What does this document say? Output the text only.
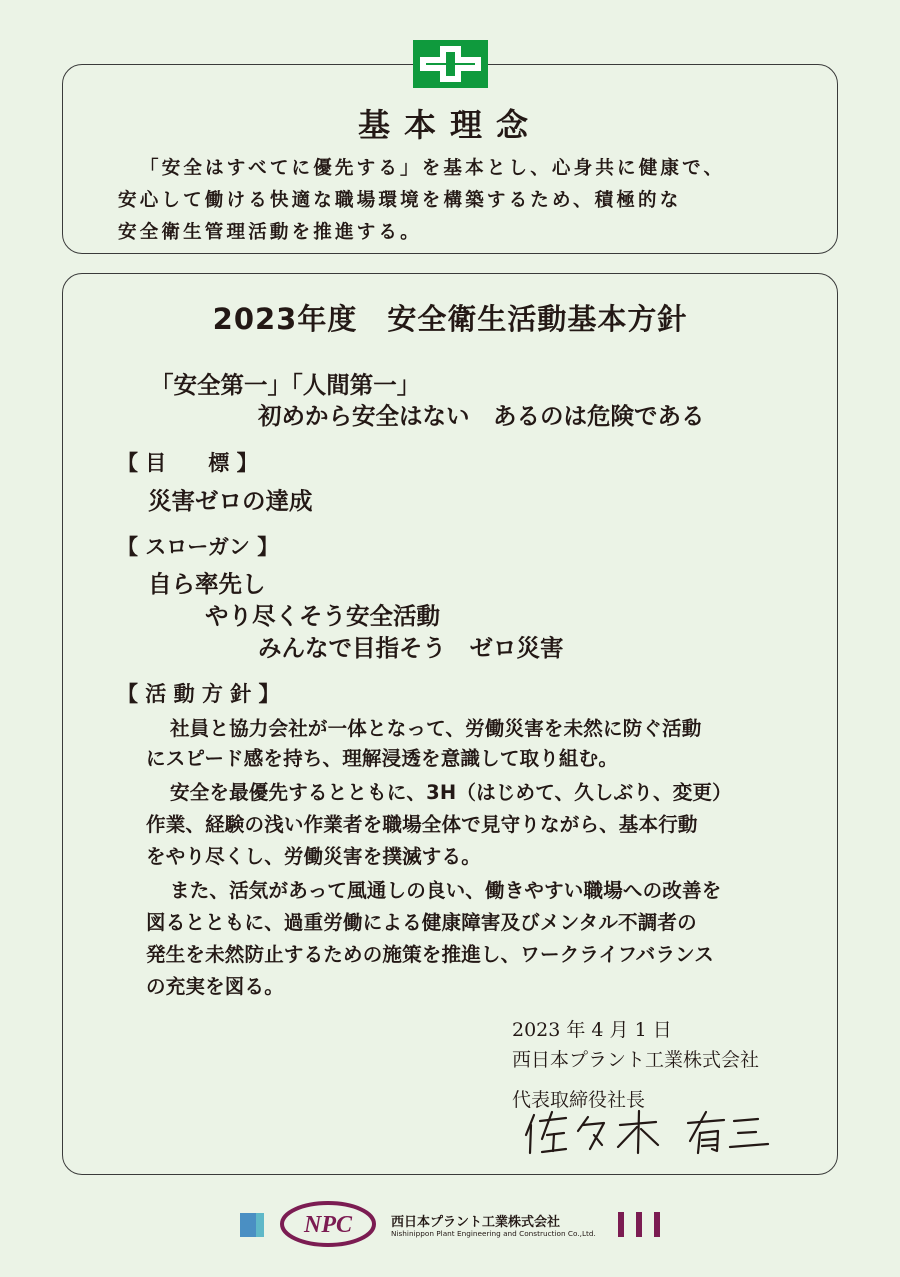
基本理念
「安全はすべてに優先する」を基本とし、心身共に健康で、
安心して働ける快適な職場環境を構築するため、積極的な
安全衛生管理活動を推進する。
2023年度　安全衛生活動基本方針
「安全第一」「人間第一」
初めから安全はない　あるのは危険である
【 目　　標 】
災害ゼロの達成
【 スローガン 】
自ら率先し
やり尽くそう安全活動
みんなで目指そう　ゼロ災害
【 活 動 方 針 】
社員と協力会社が一体となって、労働災害を未然に防ぐ活動
にスピード感を持ち、理解浸透を意識して取り組む。
安全を最優先するとともに、3H（はじめて、久しぶり、変更）
作業、経験の浅い作業者を職場全体で見守りながら、基本行動
をやり尽くし、労働災害を撲滅する。
また、活気があって風通しの良い、働きやすい職場への改善を
図るとともに、過重労働による健康障害及びメンタル不調者の
発生を未然防止するための施策を推進し、ワークライフバランス
の充実を図る。
2023 年 4 月 1 日
西日本プラント工業株式会社
代表取締役社長
NPC	西日本プラント工業株式会社
Nishinippon Plant Engineering and Construction Co.,Ltd.
